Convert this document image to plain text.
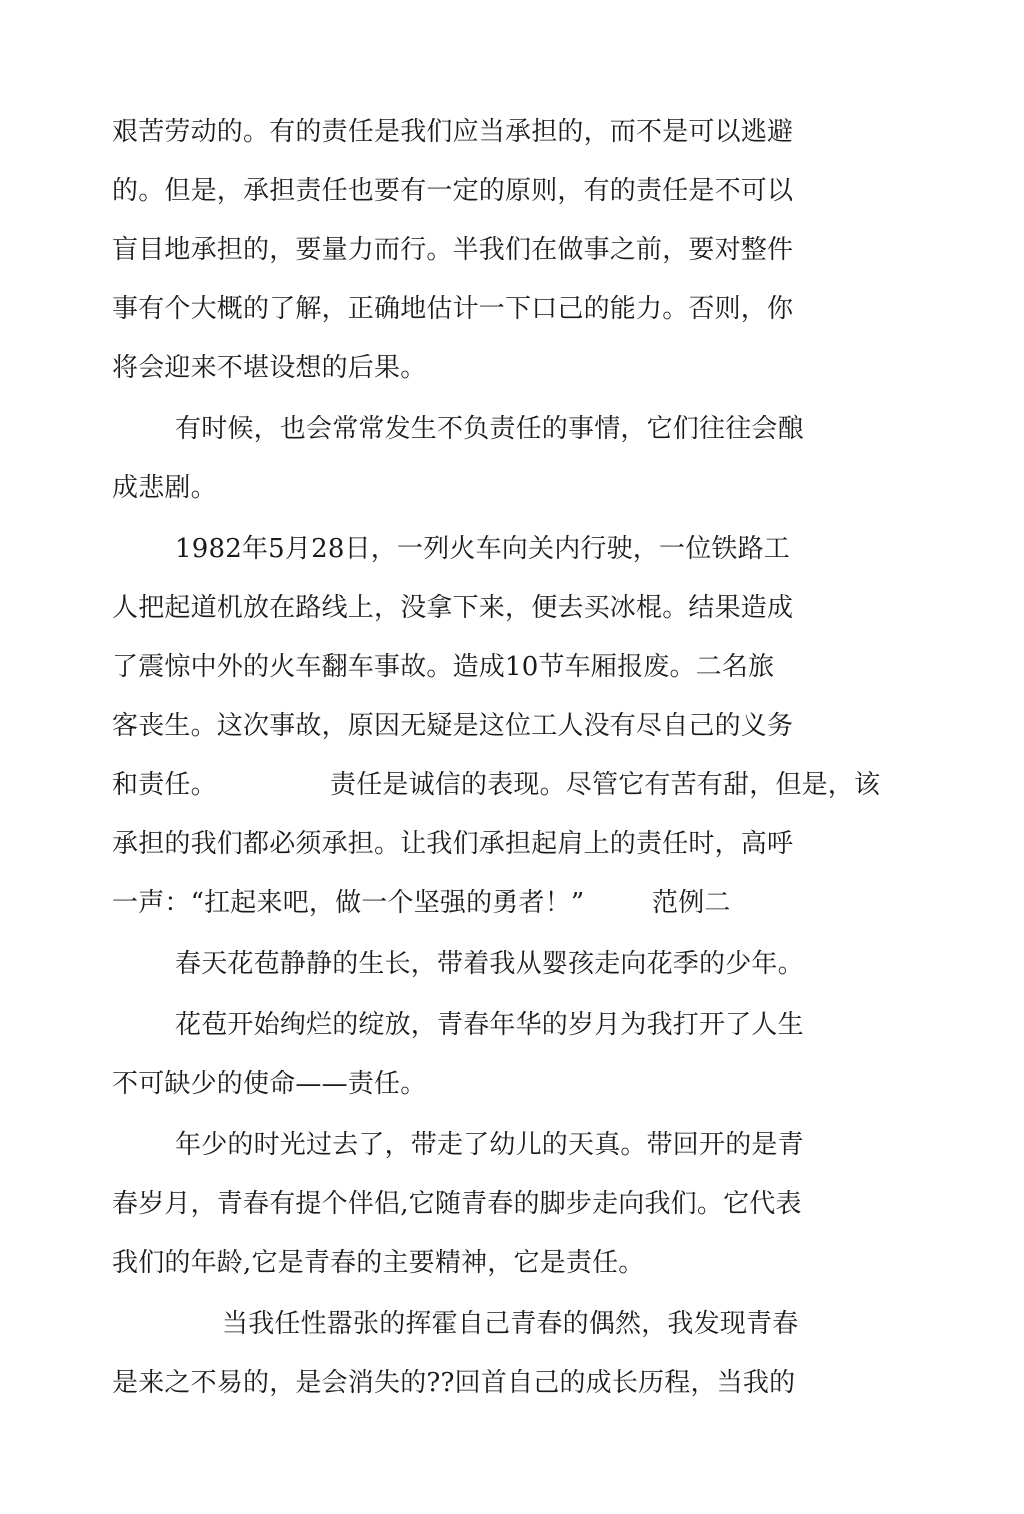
艰苦劳动的。有的责任是我们应当承担的，而不是可以逃避
的。但是，承担责任也要有一定的原则，有的责任是不可以
盲目地承担的，要量力而行。半我们在做事之前，要对整件
事有个大概的了解，正确地估计一下口己的能力。否则，你
将会迎来不堪设想的后果。
有时候，也会常常发生不负责任的事情，它们往往会酿
成悲剧。
1982年5月28日，一列火车向关内行驶，一位铁路工
人把起道机放在路线上，没拿下来，便去买冰棍。结果造成
了震惊中外的火车翻车事故。造成10节车厢报废。二名旅
客丧生。这次事故，原因无疑是这位工人没有尽自己的义务
和责任。	责任是诚信的表现。尽管它有苦有甜，但是，该
承担的我们都必须承担。让我们承担起肩上的责任时，高呼
一声：“扛起来吧，做一个坚强的勇者！”	范例二
春天花苞静静的生长，带着我从婴孩走向花季的少年。
花苞开始绚烂的绽放，青春年华的岁月为我打开了人生
不可缺少的使命——责任。
年少的时光过去了，带走了幼儿的天真。带回开的是青
春岁月，青春有提个伴侣,它随青春的脚步走向我们。它代表
我们的年龄,它是青春的主要精神，它是责任。
当我任性嚣张的挥霍自己青春的偶然，我发现青春
是来之不易的，是会消失的??回首自己的成长历程，当我的
